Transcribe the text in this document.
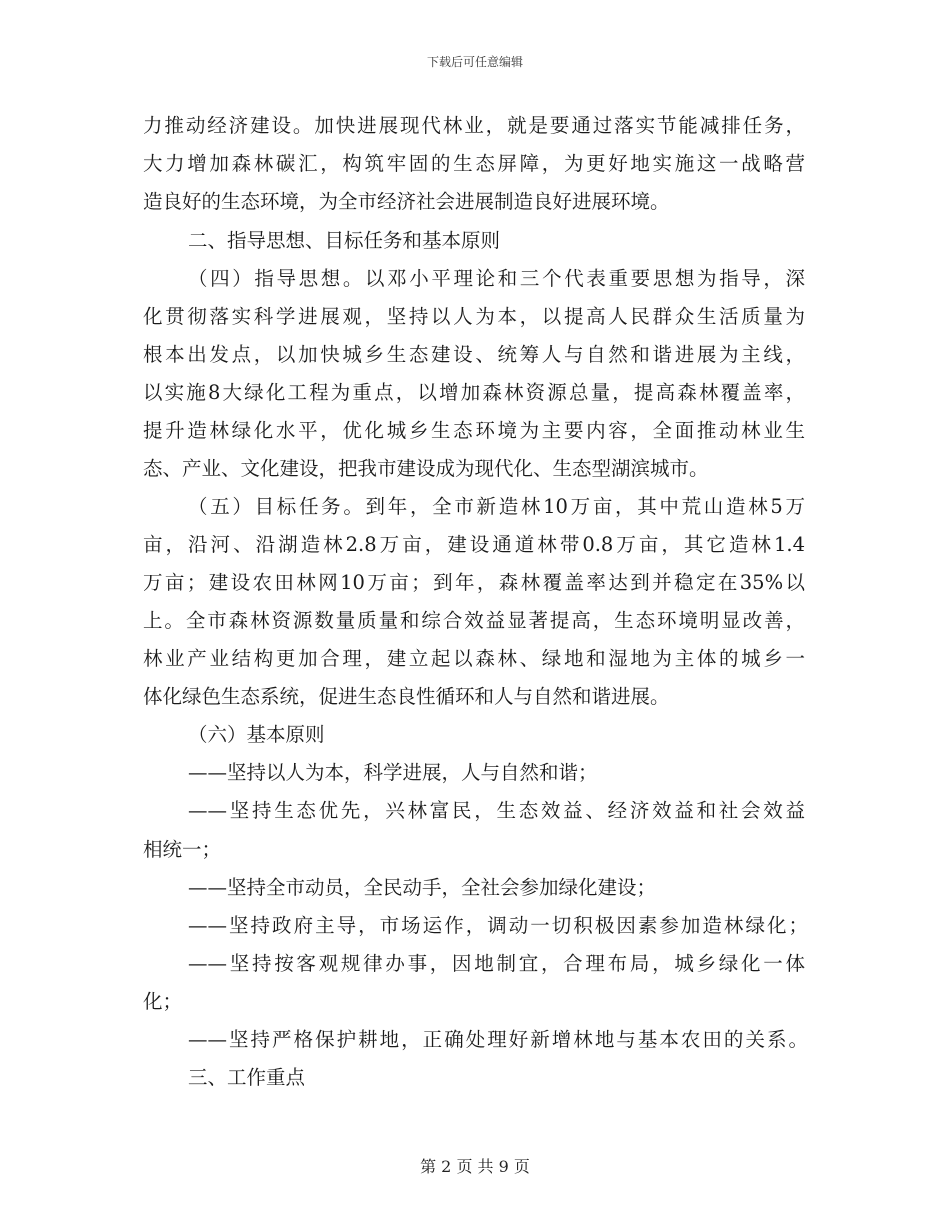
下载后可任意编辑
力推动经济建设。加快进展现代林业，就是要通过落实节能减排任务，
大力增加森林碳汇，构筑牢固的生态屏障，为更好地实施这一战略营
造良好的生态环境，为全市经济社会进展制造良好进展环境。
二、指导思想、目标任务和基本原则
（四）指导思想。以邓小平理论和三个代表重要思想为指导，深
化贯彻落实科学进展观，坚持以人为本，以提高人民群众生活质量为
根本出发点，以加快城乡生态建设、统筹人与自然和谐进展为主线，
以实施8大绿化工程为重点，以增加森林资源总量，提高森林覆盖率，
提升造林绿化水平，优化城乡生态环境为主要内容，全面推动林业生
态、产业、文化建设，把我市建设成为现代化、生态型湖滨城市。
（五）目标任务。到年，全市新造林10万亩，其中荒山造林5万
亩，沿河、沿湖造林2.8万亩，建设通道林带0.8万亩，其它造林1.4
万亩；建设农田林网10万亩；到年，森林覆盖率达到并稳定在35%以
上。全市森林资源数量质量和综合效益显著提高，生态环境明显改善，
林业产业结构更加合理，建立起以森林、绿地和湿地为主体的城乡一
体化绿色生态系统，促进生态良性循环和人与自然和谐进展。
（六）基本原则
——坚持以人为本，科学进展，人与自然和谐；
——坚持生态优先，兴林富民，生态效益、经济效益和社会效益
相统一；
——坚持全市动员，全民动手，全社会参加绿化建设；
——坚持政府主导，市场运作，调动一切积极因素参加造林绿化；
——坚持按客观规律办事，因地制宜，合理布局，城乡绿化一体
化；
——坚持严格保护耕地，正确处理好新增林地与基本农田的关系。
三、工作重点
第 2 页 共 9 页
